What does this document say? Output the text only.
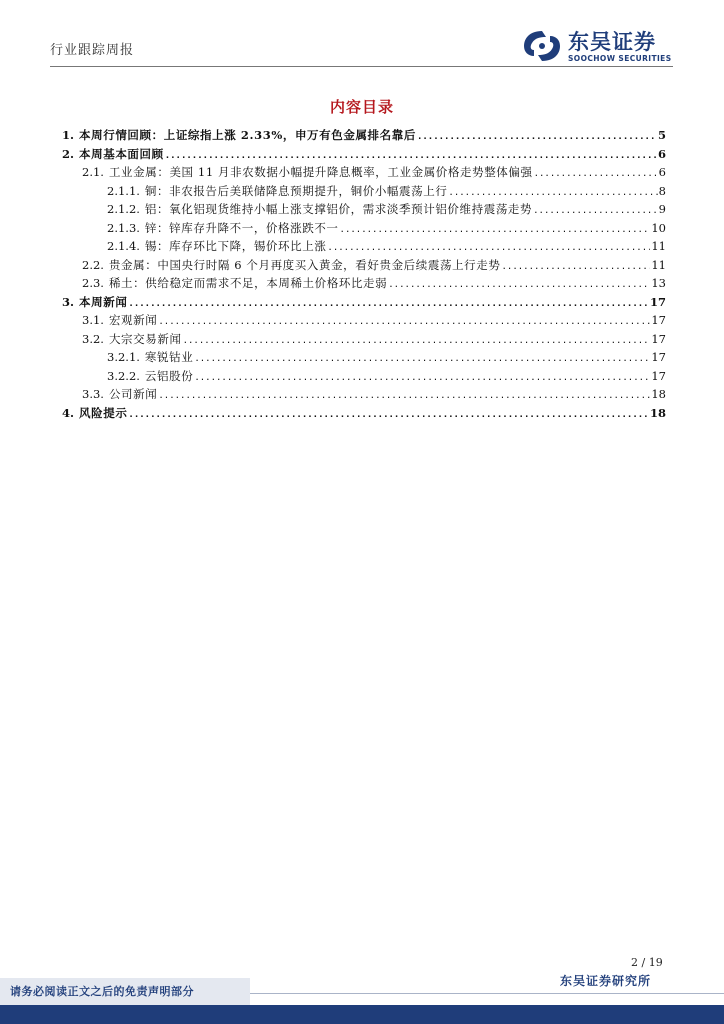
行业跟踪周报	东吴证券
SOOCHOW SECURITIES
内容目录
1. 本周行情回顾：上证综指上涨 2.33%，申万有色金属排名靠后 .....	5
2. 本周基本面回顾 .....	6
2.1. 工业金属：美国 11 月非农数据小幅提升降息概率，工业金属价格走势整体偏强 .....	6
2.1.1. 铜：非农报告后美联储降息预期提升，铜价小幅震荡上行 .....	8
2.1.2. 铝：氧化铝现货维持小幅上涨支撑铝价，需求淡季预计铝价维持震荡走势 .....	9
2.1.3. 锌：锌库存升降不一，价格涨跌不一 .....	10
2.1.4. 锡：库存环比下降，锡价环比上涨 .....	11
2.2. 贵金属：中国央行时隔 6 个月再度买入黄金，看好贵金后续震荡上行走势 .....	11
2.3. 稀土：供给稳定而需求不足，本周稀土价格环比走弱 .....	13
3. 本周新闻 .....	17
3.1. 宏观新闻 .....	17
3.2. 大宗交易新闻 .....	17
3.2.1. 寒锐钴业 .....	17
3.2.2. 云铝股份 .....	17
3.3. 公司新闻 .....	18
4. 风险提示 .....	18
2 / 19
请务必阅读正文之后的免责声明部分
东吴证券研究所
